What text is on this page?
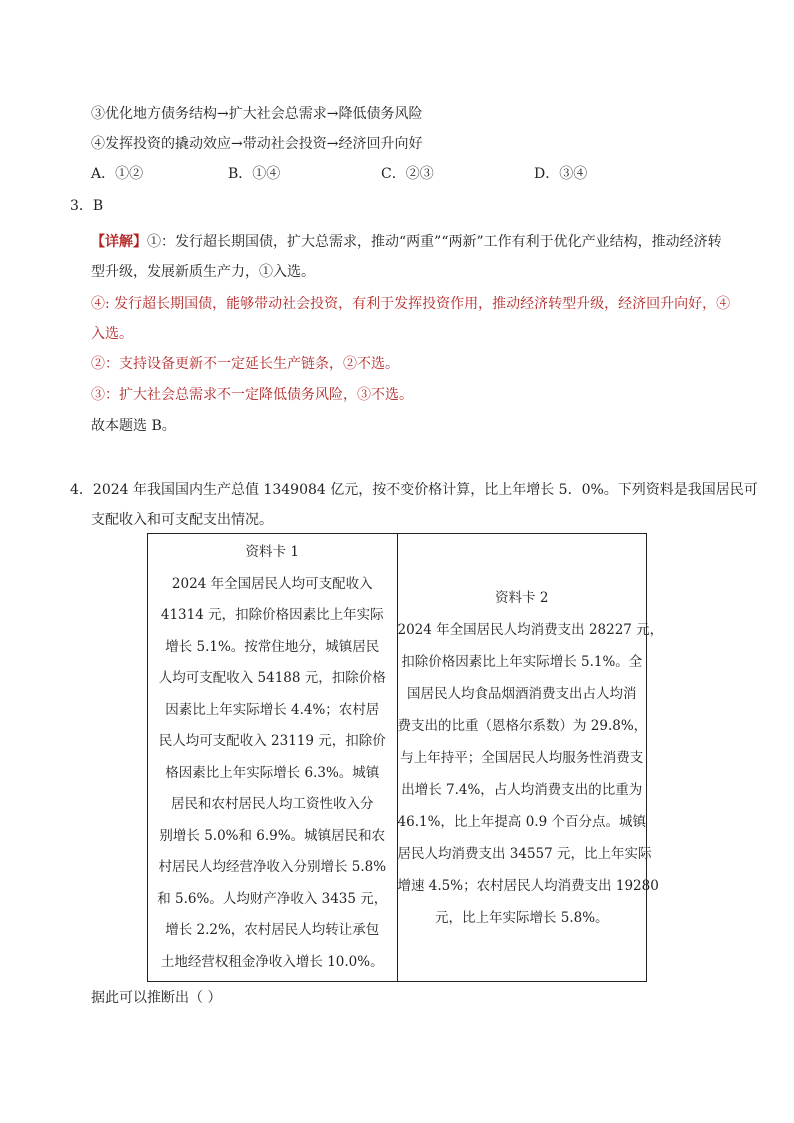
③优化地方债务结构→扩大社会总需求→降低债务风险
④发挥投资的撬动效应→带动社会投资→经济回升向好
A．①②	B．①④	C．②③	D．③④
3．B
【详解】①：发行超长期国债，扩大总需求，推动“两重”“两新”工作有利于优化产业结构，推动经济转
型升级，发展新质生产力，①入选。
④: 发行超长期国债，能够带动社会投资，有利于发挥投资作用，推动经济转型升级，经济回升向好，④
入选。
②：支持设备更新不一定延长生产链条，②不选。
③：扩大社会总需求不一定降低债务风险，③不选。
故本题选 B。
4．2024 年我国国内生产总值 1349084 亿元，按不变价格计算，比上年增长 5．0%。下列资料是我国居民可
支配收入和可支配支出情况。
资料卡 1
2024 年全国居民人均可支配收入
41314 元，扣除价格因素比上年实际
增长 5.1%。按常住地分，城镇居民
人均可支配收入 54188 元，扣除价格
因素比上年实际增长 4.4%；农村居
民人均可支配收入 23119 元，扣除价
格因素比上年实际增长 6.3%。城镇
居民和农村居民人均工资性收入分
别增长 5.0%和 6.9%。城镇居民和农
村居民人均经营净收入分别增长 5.8%
和 5.6%。人均财产净收入 3435 元，
增长 2.2%，农村居民人均转让承包
土地经营权租金净收入增长 10.0%。

资料卡 2
2024 年全国居民人均消费支出 28227 元，
扣除价格因素比上年实际增长 5.1%。全
国居民人均食品烟酒消费支出占人均消
费支出的比重（恩格尔系数）为 29.8%，
与上年持平；全国居民人均服务性消费支
出增长 7.4%，占人均消费支出的比重为
46.1%，比上年提高 0.9 个百分点。城镇
居民人均消费支出 34557 元，比上年实际
增速 4.5%；农村居民人均消费支出 19280
元，比上年实际增长 5.8%。
据此可以推断出（ ）
